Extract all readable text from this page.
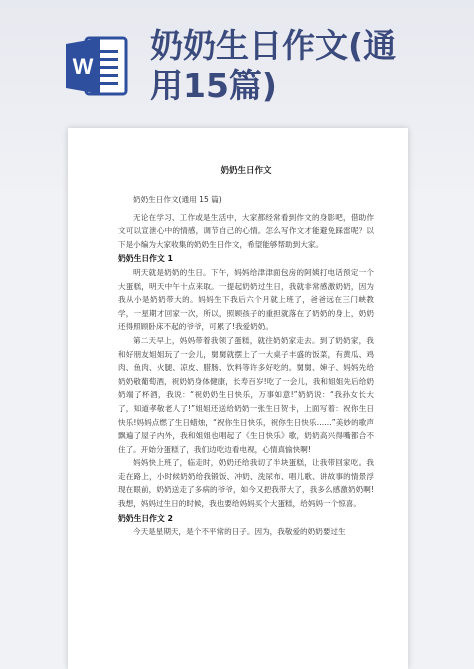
W
奶奶生日作文(通
用15篇)
奶奶生日作文

奶奶生日作文(通用 15 篇)

无论在学习、工作或是生活中，大家都经常看到作文的身影吧，借助作文可以宣泄心中的情感，调节自己的心情。怎么写作文才能避免踩雷呢？以下是小编为大家收集的奶奶生日作文，希望能够帮助到大家。

奶奶生日作文 1

明天就是奶奶的生日。下午，妈妈给津津面包房的阿姨打电话预定一个大蛋糕，明天中午十点来取。一提起奶奶过生日，我就非常感激奶奶，因为我从小是奶奶带大的。妈妈生下我后六个月就上班了，爸爸远在三门峡教学，一星期才回家一次，所以，照顾孩子的重担就落在了奶奶的身上，奶奶还得照顾卧床不起的爷爷，可累了!我爱奶奶。

第二天早上，妈妈带着我领了蛋糕，就往奶奶家走去。到了奶奶家，我和好朋友姐姐玩了一会儿，舅舅就摆上了一大桌子丰盛的饭菜，有黄瓜、鸡肉、鱼肉、火腿、凉皮、腊肠、饮料等许多好吃的。舅舅、婶子、妈妈先给奶奶敬葡萄酒，祝奶奶身体健康，长寿百岁!吃了一会儿，我和姐姐先后给奶奶端了杯酒，我说：“祝奶奶生日快乐，万事如意!”奶奶说：“我孙女长大了，知道孝敬老人了!”姐姐还送给奶奶一张生日贺卡，上面写着：祝你生日快乐!妈妈点燃了生日蜡烛，“祝你生日快乐，祝你生日快乐……”美妙的歌声飘遍了屋子内外，我和姐姐也唱起了《生日快乐》歌，奶奶高兴得嘴都合不住了。开始分蛋糕了，我们边吃边看电视，心情真愉快啊!

妈妈快上班了，临走时，奶奶还给我切了半块蛋糕，让我带回家吃。我走在路上，小时候奶奶给我锻饭、冲奶、洗尿布、唱儿歌、讲故事的情景浮现在眼前，奶奶送走了多病的爷爷，如今又把我带大了，我多么感激奶奶啊!我想，妈妈过生日的时候，我也要给妈妈买个大蛋糕，给妈妈一个惊喜。

奶奶生日作文 2

今天是星期天，是个不平常的日子。因为，我敬爱的奶奶要过生
